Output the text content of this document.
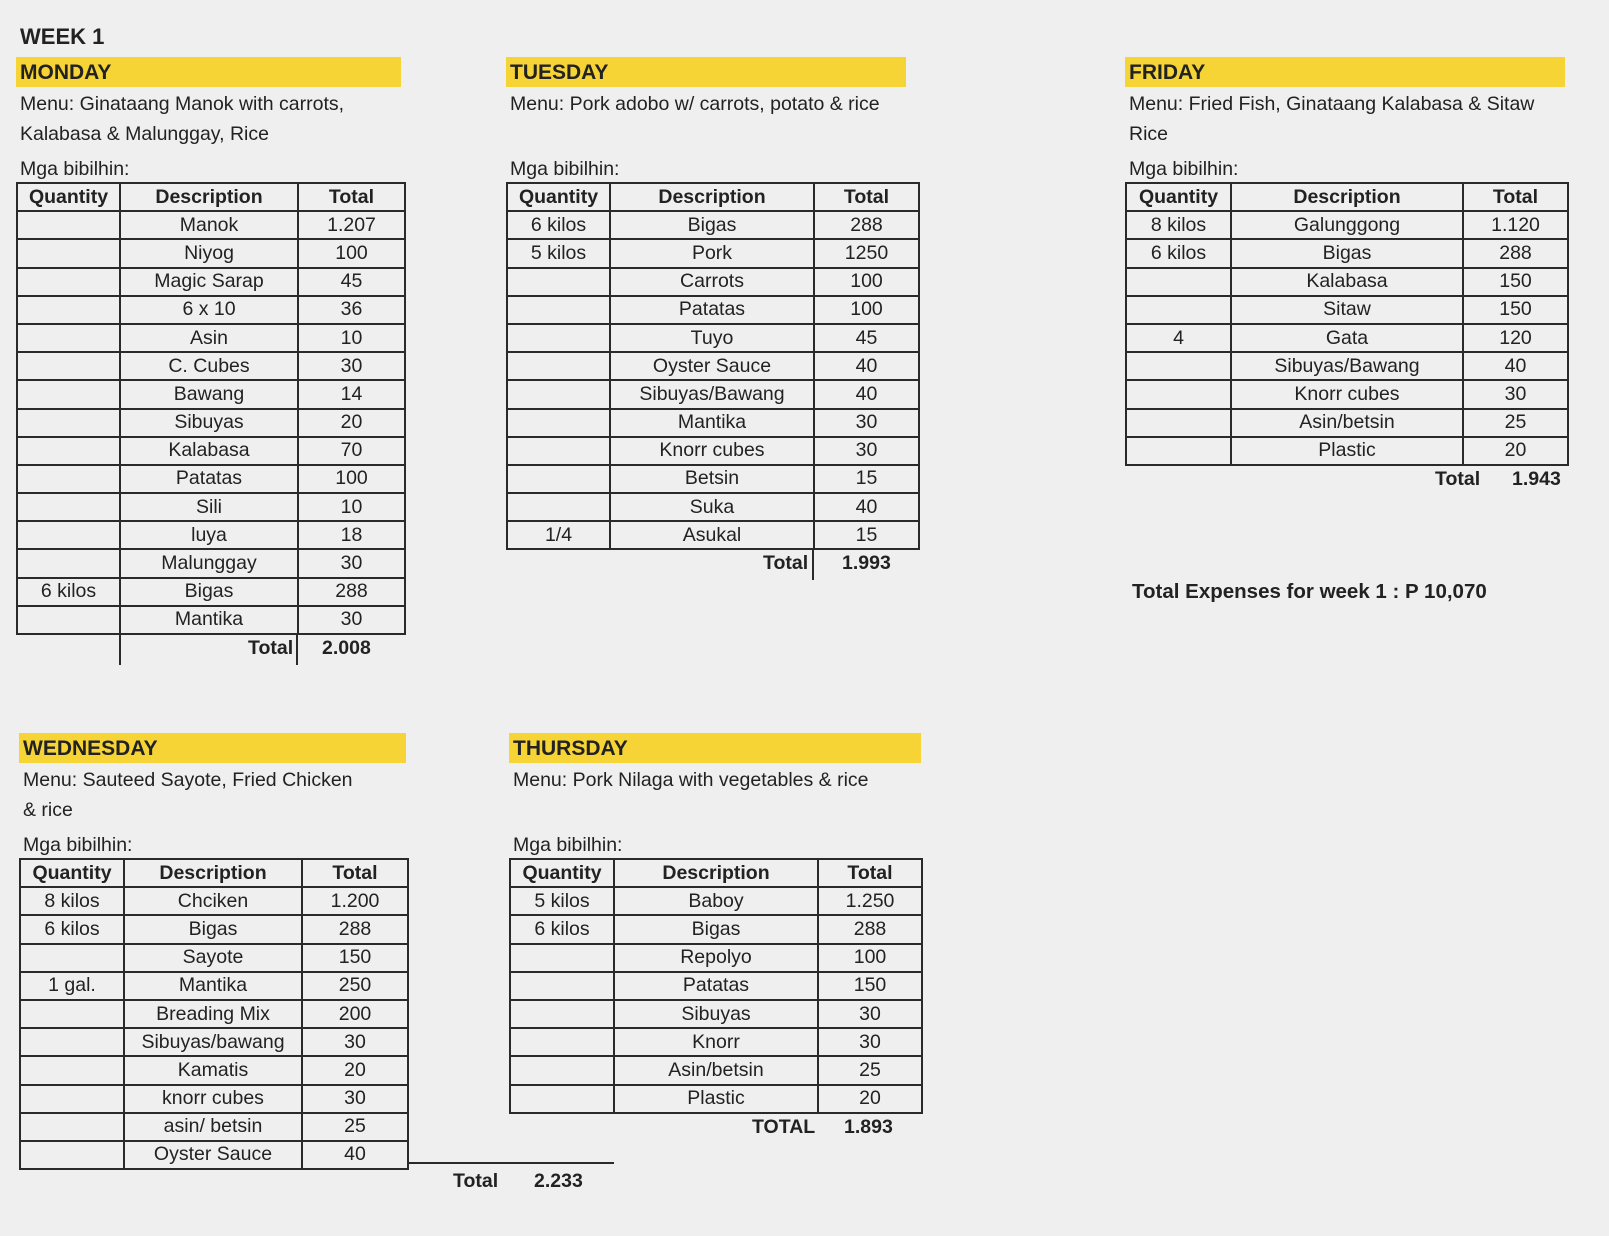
WEEK 1
MONDAY
Menu: Ginataang Manok with carrots,
Kalabasa & Malunggay, Rice
Mga bibilhin:
Quantity	Description	Total
	Manok	1.207
	Niyog	100
	Magic Sarap	45
	6 x 10	36
	Asin	10
	C. Cubes	30
	Bawang	14
	Sibuyas	20
	Kalabasa	70
	Patatas	100
	Sili	10
	luya	18
	Malunggay	30
6 kilos	Bigas	288
	Mantika	30
Total 2.008
TUESDAY
Menu: Pork adobo w/ carrots, potato & rice
Mga bibilhin:
Quantity	Description	Total
6 kilos	Bigas	288
5 kilos	Pork	1250
	Carrots	100
	Patatas	100
	Tuyo	45
	Oyster Sauce	40
	Sibuyas/Bawang	40
	Mantika	30
	Knorr cubes	30
	Betsin	15
	Suka	40
1/4	Asukal	15
Total 1.993
FRIDAY
Menu: Fried Fish, Ginataang Kalabasa & Sitaw
Rice
Mga bibilhin:
Quantity	Description	Total
8 kilos	Galunggong	1.120
6 kilos	Bigas	288
	Kalabasa	150
	Sitaw	150
4	Gata	120
	Sibuyas/Bawang	40
	Knorr cubes	30
	Asin/betsin	25
	Plastic	20
Total 1.943
Total Expenses for week 1 : P 10,070
WEDNESDAY
Menu: Sauteed Sayote, Fried Chicken
& rice
Mga bibilhin:
Quantity	Description	Total
8 kilos	Chciken	1.200
6 kilos	Bigas	288
	Sayote	150
1 gal.	Mantika	250
	Breading Mix	200
	Sibuyas/bawang	30
	Kamatis	20
	knorr cubes	30
	asin/ betsin	25
	Oyster Sauce	40
Total 2.233
THURSDAY
Menu: Pork Nilaga with vegetables & rice
Mga bibilhin:
Quantity	Description	Total
5 kilos	Baboy	1.250
6 kilos	Bigas	288
	Repolyo	100
	Patatas	150
	Sibuyas	30
	Knorr	30
	Asin/betsin	25
	Plastic	20
TOTAL 1.893
